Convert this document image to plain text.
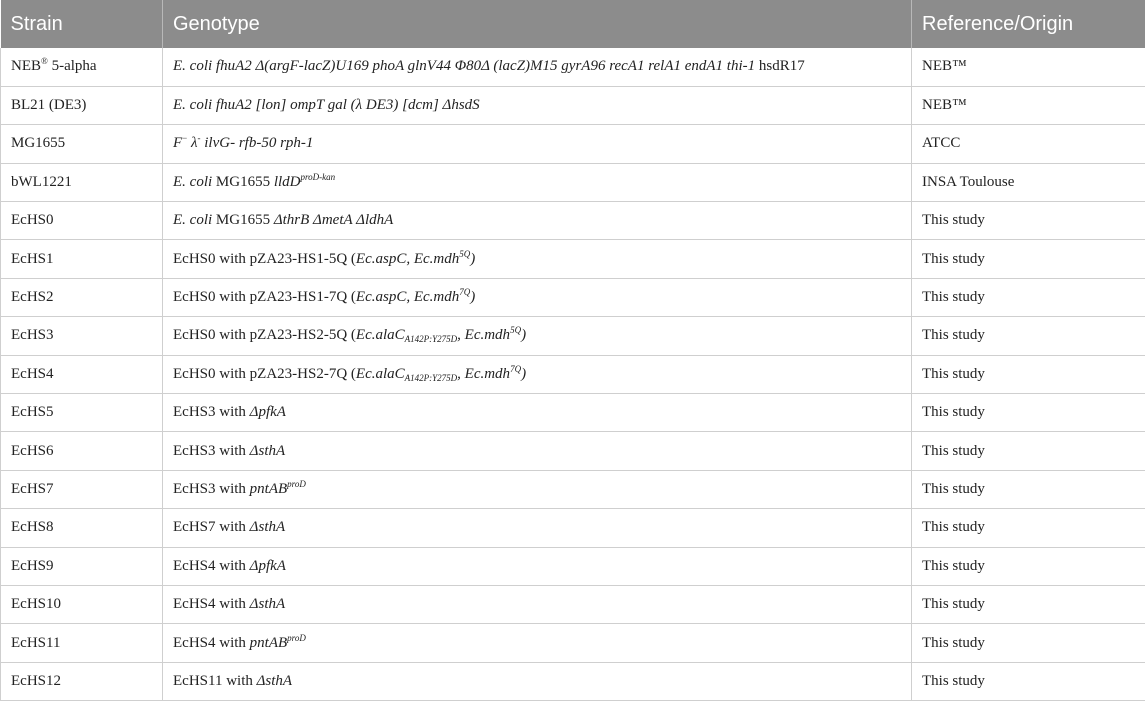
Strain	Genotype	Reference/Origin
NEB® 5-alpha	E. coli fhuA2 Δ(argF-lacZ)U169 phoA glnV44 Φ80Δ (lacZ)M15 gyrA96 recA1 relA1 endA1 thi-1 hsdR17	NEB™
BL21 (DE3)	E. coli fhuA2 [lon] ompT gal (λ DE3) [dcm] ΔhsdS	NEB™
MG1655	F− λ- ilvG- rfb-50 rph-1	ATCC
bWL1221	E. coli MG1655 lldD$^{proD-kan}$	INSA Toulouse
EcHS0	E. coli MG1655 ΔthrB ΔmetA ΔldhA	This study
EcHS1	EcHS0 with pZA23-HS1-5Q (Ec.aspC, Ec.mdh$^{5Q}$)	This study
EcHS2	EcHS0 with pZA23-HS1-7Q (Ec.aspC, Ec.mdh$^{7Q}$)	This study
EcHS3	EcHS0 with pZA23-HS2-5Q (Ec.alaC$_{A142P:Y275D}$, Ec.mdh$^{5Q}$)	This study
EcHS4	EcHS0 with pZA23-HS2-7Q (Ec.alaC$_{A142P:Y275D}$, Ec.mdh$^{7Q}$)	This study
EcHS5	EcHS3 with ΔpfkA	This study
EcHS6	EcHS3 with ΔsthA	This study
EcHS7	EcHS3 with pntAB$^{proD}$	This study
EcHS8	EcHS7 with ΔsthA	This study
EcHS9	EcHS4 with ΔpfkA	This study
EcHS10	EcHS4 with ΔsthA	This study
EcHS11	EcHS4 with pntAB$^{proD}$	This study
EcHS12	EcHS11 with ΔsthA	This study
